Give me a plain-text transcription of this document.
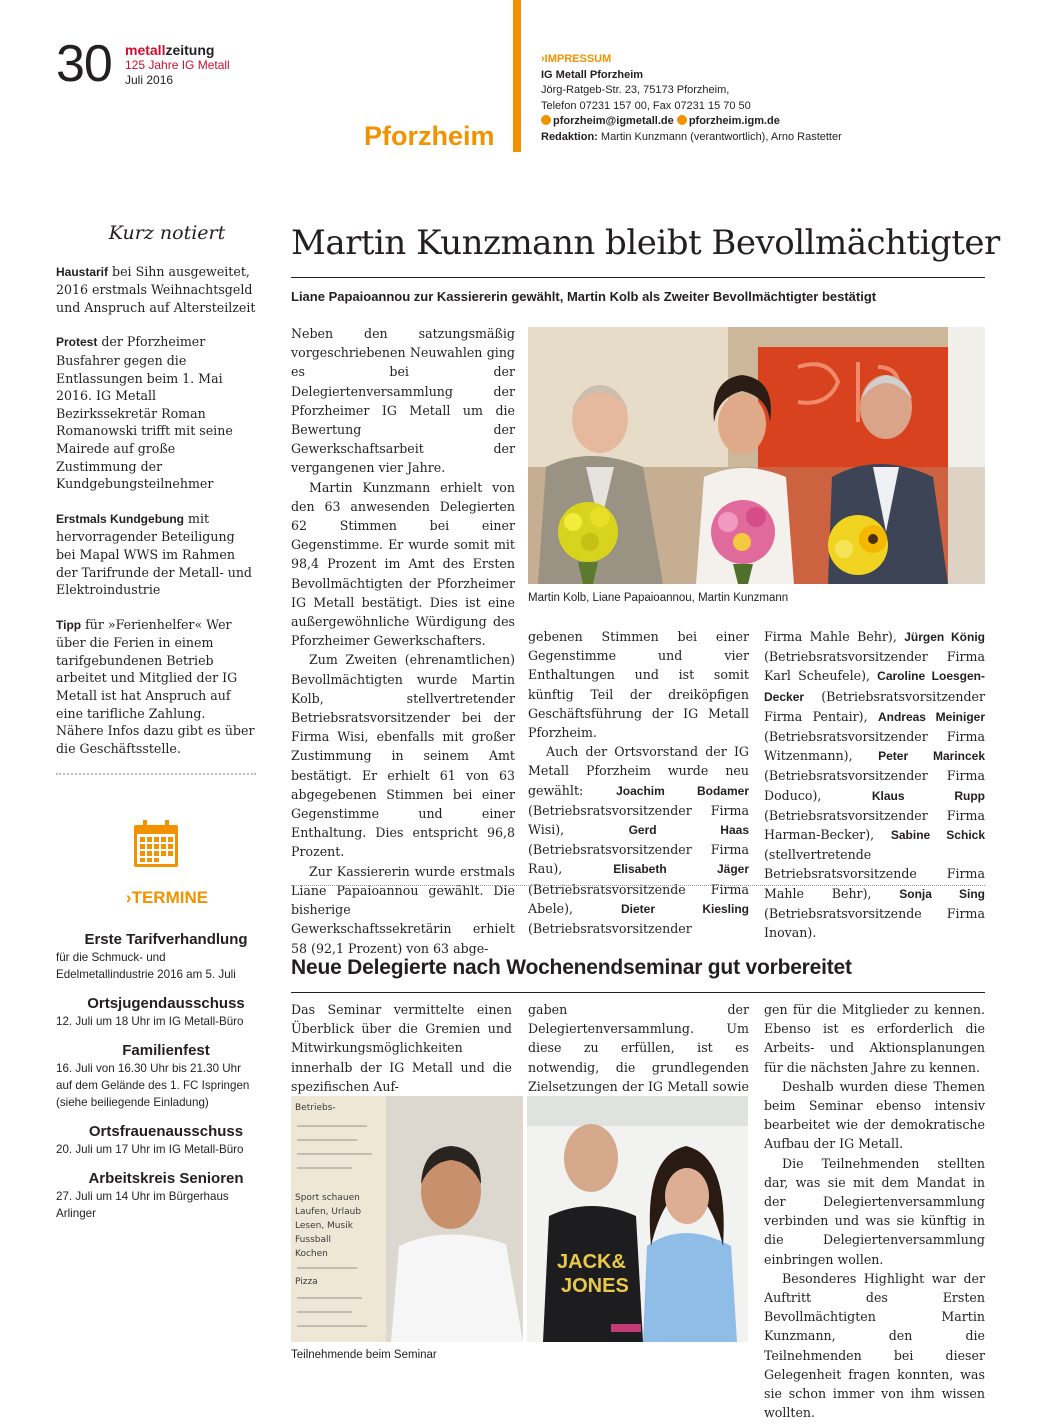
30 metallzeitung
125 Jahre IG Metall
Juli 2016
Pforzheim
›IMPRESSUM
IG Metall Pforzheim
Jörg-Ratgeb-Str. 23, 75173 Pforzheim,
Telefon 07231 157 00, Fax 07231 15 70 50
pforzheim@igmetall.de pforzheim.igm.de
Redaktion: Martin Kunzmann (verantwortlich), Arno Rastetter
Kurz notiert
Haustarif bei Sihn ausgeweitet, 2016 erstmals Weihnachtsgeld und Anspruch auf Altersteilzeit
Protest der Pforzheimer Busfahrer gegen die Entlassungen beim 1. Mai 2016. IG Metall Bezirkssekretär Roman Romanowski trifft mit seine Mairede auf große Zustimmung der Kundgebungsteilnehmer
Erstmals Kundgebung mit hervorragender Beteiligung bei Mapal WWS im Rahmen der Tarifrunde der Metall- und Elektroindustrie
Tipp für »Ferienhelfer« Wer über die Ferien in einem tarifgebundenen Betrieb arbeitet und Mitglied der IG Metall ist hat Anspruch auf eine tarifliche Zahlung. Nähere Infos dazu gibt es über die Geschäftsstelle.
›TERMINE
Erste Tarifverhandlung
für die Schmuck- und Edelmetallindustrie 2016 am 5. Juli
Ortsjugendausschuss
12. Juli um 18 Uhr im IG Metall-Büro
Familienfest
16. Juli von 16.30 Uhr bis 21.30 Uhr auf dem Gelände des 1. FC Ispringen (siehe beiliegende Einladung)
Ortsfrauenausschuss
20. Juli um 17 Uhr im IG Metall-Büro
Arbeitskreis Senioren
27. Juli um 14 Uhr im Bürgerhaus Arlinger
Martin Kunzmann bleibt Bevollmächtigter
Liane Papaioannou zur Kassiererin gewählt, Martin Kolb als Zweiter Bevollmächtigter bestätigt

Neben den satzungsmäßig vorgeschriebenen Neuwahlen ging es bei der Delegiertenversammlung der Pforzheimer IG Metall um die Bewertung der Gewerkschaftsarbeit der vergangenen vier Jahre.

Martin Kunzmann erhielt von den 63 anwesenden Delegierten 62 Stimmen bei einer Gegenstimme. Er wurde somit mit 98,4 Prozent im Amt des Ersten Bevollmächtigten der Pforzheimer IG Metall bestätigt. Dies ist eine außergewöhnliche Würdigung des Pforzheimer Gewerkschafters.

Zum Zweiten (ehrenamtlichen) Bevollmächtigten wurde Martin Kolb, stellvertretender Betriebsratsvorsitzender bei der Firma Wisi, ebenfalls mit großer Zustimmung in seinem Amt bestätigt. Er erhielt 61 von 63 abgegebenen Stimmen bei einer Gegenstimme und einer Enthaltung. Dies entspricht 96,8 Prozent.

Zur Kassiererin wurde erstmals Liane Papaioannou gewählt. Die bisherige Gewerkschaftssekretärin erhielt 58 (92,1 Prozent) von 63 abge-

Martin Kolb, Liane Papaioannou, Martin Kunzmann

gebenen Stimmen bei einer Gegenstimme und vier Enthaltungen und ist somit künftig Teil der dreiköpfigen Geschäftsführung der IG Metall Pforzheim.

Auch der Ortsvorstand der IG Metall Pforzheim wurde neu gewählt: Joachim Bodamer (Betriebsratsvorsitzender Firma Wisi), Gerd Haas (Betriebsratsvorsitzender Firma Rau), Elisabeth Jäger (Betriebsratsvorsitzende Firma Abele), Dieter Kiesling (Betriebsratsvorsitzender

Firma Mahle Behr), Jürgen König (Betriebsratsvorsitzender Firma Karl Scheufele), Caroline Loesgen-Decker (Betriebsratsvorsitzender Firma Pentair), Andreas Meiniger (Betriebsratsvorsitzender Firma Witzenmann), Peter Marincek (Betriebsratsvorsitzender Firma Doduco), Klaus Rupp (Betriebsratsvorsitzender Firma Harman-Becker), Sabine Schick (stellvertretende Betriebsratsvorsitzende Firma Mahle Behr), Sonja Sing (Betriebsratsvorsitzende Firma Inovan).

Neue Delegierte nach Wochenendseminar gut vorbereitet

Das Seminar vermittelte einen Überblick über die Gremien und Mitwirkungsmöglichkeiten innerhalb der IG Metall und die spezifischen Auf-

gaben der Delegiertenversammlung. Um diese zu erfüllen, ist es notwendig, die grundlegenden Zielsetzungen der IG Metall sowie

gen für die Mitglieder zu kennen. Ebenso ist es erforderlich die Arbeits- und Aktionsplanungen für die nächsten Jahre zu kennen.

Deshalb wurden diese Themen beim Seminar ebenso intensiv bearbeitet wie der demokratische Aufbau der IG Metall.

Die Teilnehmenden stellten dar, was sie mit dem Mandat in der Delegiertenversammlung verbinden und was sie künftig in die Delegiertenversammlung einbringen wollen.

Besonderes Highlight war der Auftritt des Ersten Bevollmächtigten Martin Kunzmann, den die Teilnehmenden bei dieser Gelegenheit fragen konnten, was sie schon immer von ihm wissen wollten.

Betriebs-
Sport schauen
Laufen, Urlaub
Lesen, Musik
Fussball
Kochen
Pizza
JACK&
JONES
Teilnehmende beim Seminar
